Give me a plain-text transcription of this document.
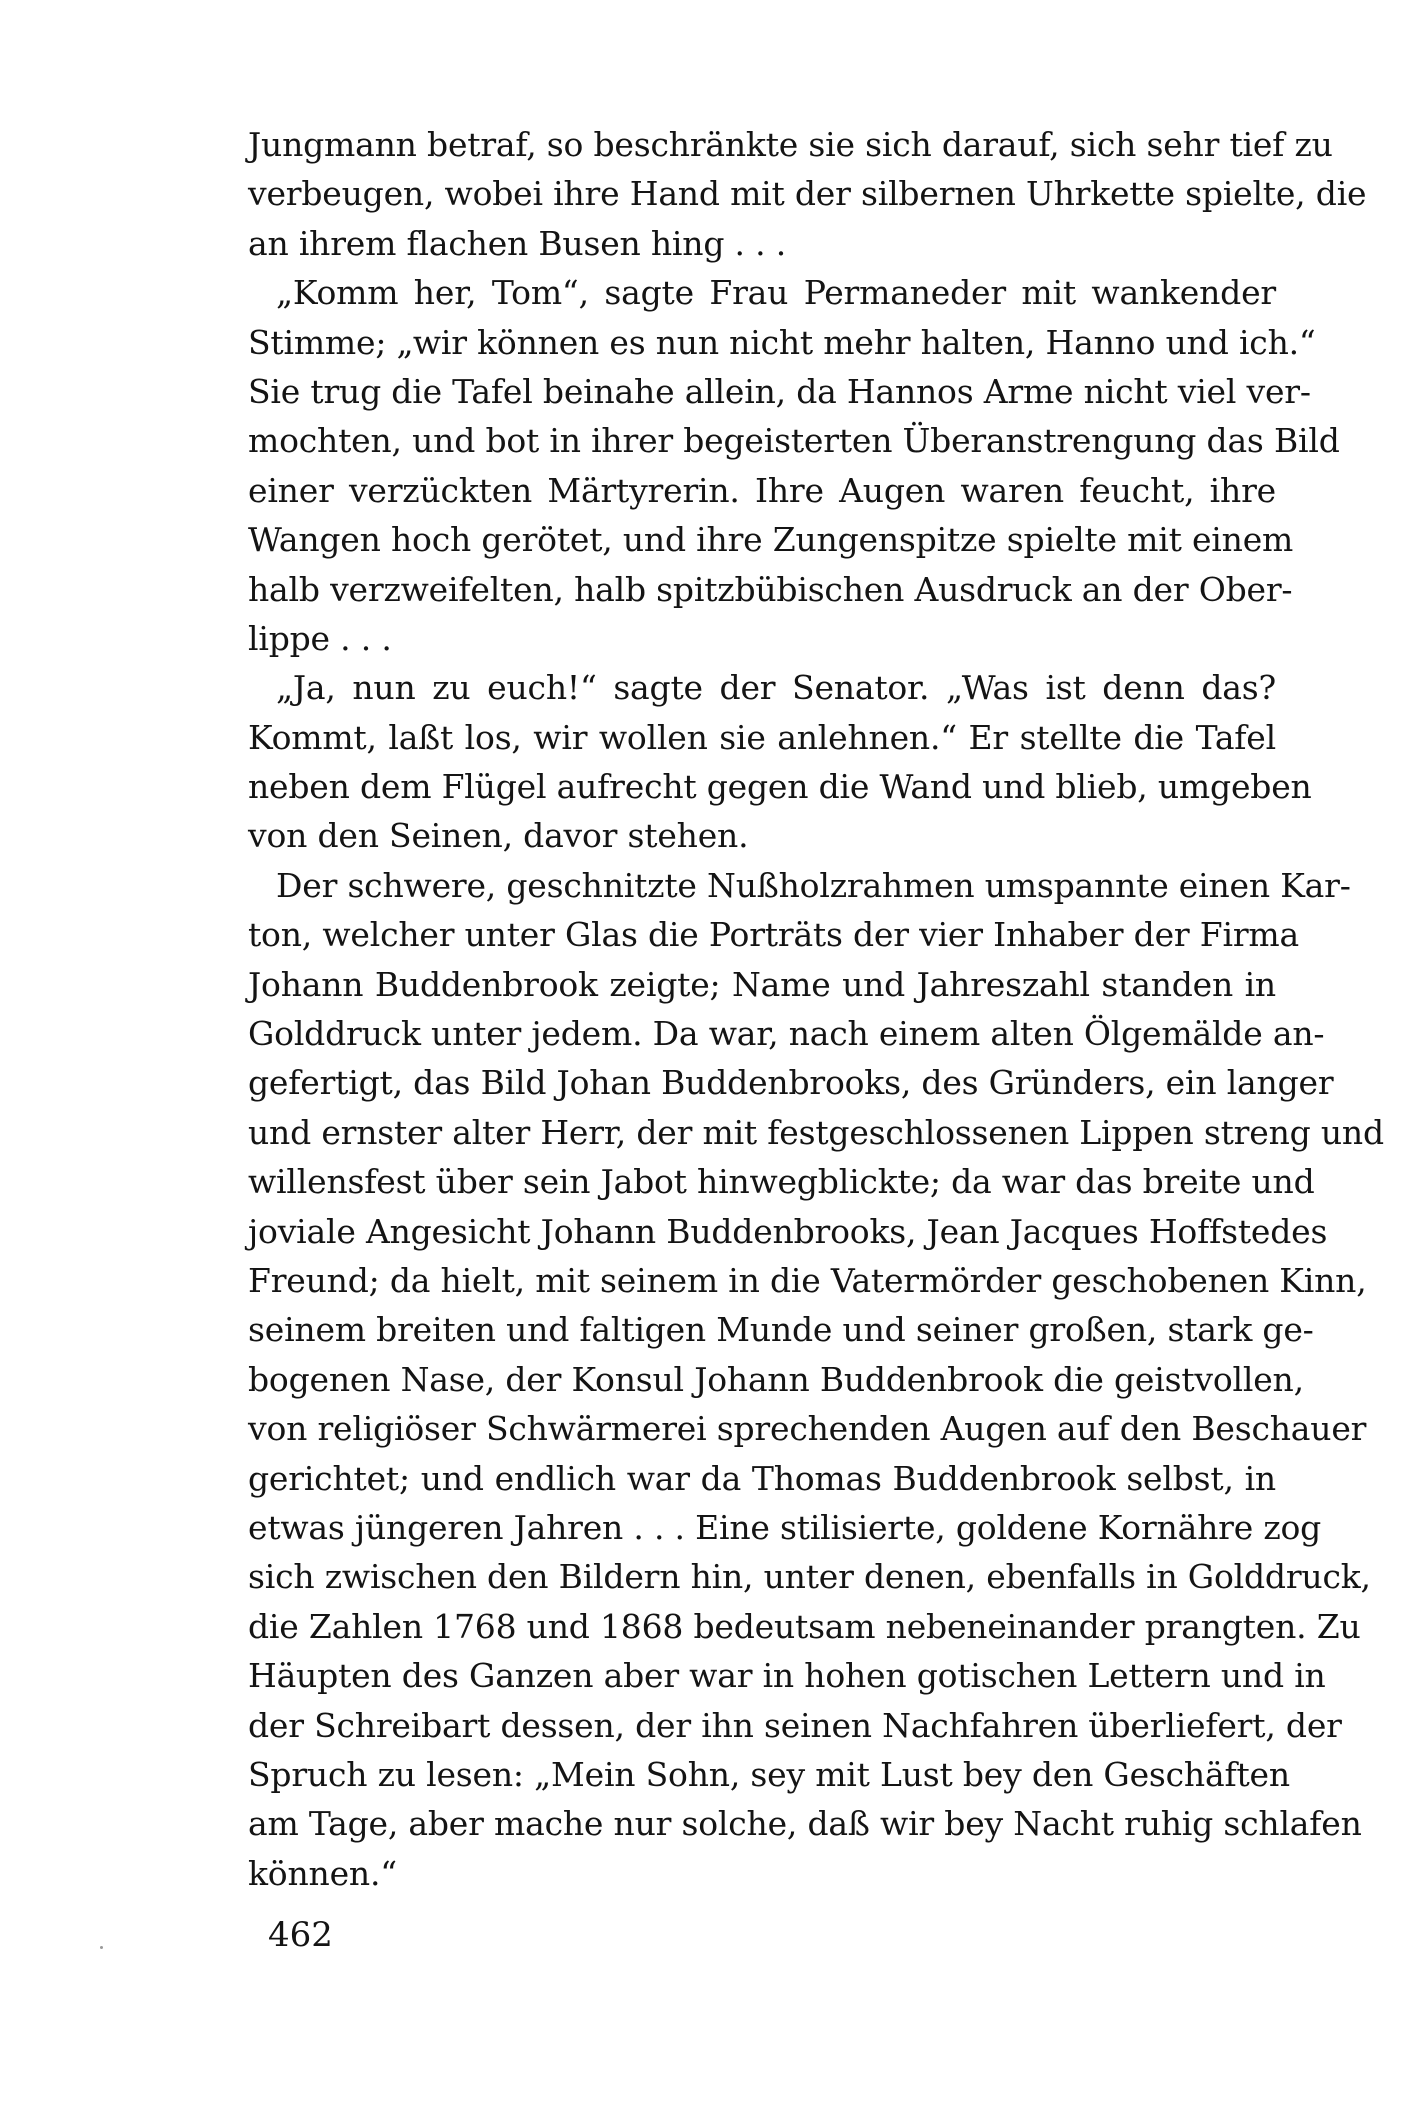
Jungmann betraf, so beschränkte sie sich darauf, sich sehr tief zu
verbeugen, wobei ihre Hand mit der silbernen Uhrkette spielte, die
an ihrem flachen Busen hing . . .
„Komm her, Tom“, sagte Frau Permaneder mit wankender
Stimme; „wir können es nun nicht mehr halten, Hanno und ich.“
Sie trug die Tafel beinahe allein, da Hannos Arme nicht viel ver-
mochten, und bot in ihrer begeisterten Überanstrengung das Bild
einer verzückten Märtyrerin. Ihre Augen waren feucht, ihre
Wangen hoch gerötet, und ihre Zungenspitze spielte mit einem
halb verzweifelten, halb spitzbübischen Ausdruck an der Ober-
lippe . . .
„Ja, nun zu euch!“ sagte der Senator. „Was ist denn das?
Kommt, laßt los, wir wollen sie anlehnen.“ Er stellte die Tafel
neben dem Flügel aufrecht gegen die Wand und blieb, umgeben
von den Seinen, davor stehen.
Der schwere, geschnitzte Nußholzrahmen umspannte einen Kar-
ton, welcher unter Glas die Porträts der vier Inhaber der Firma
Johann Buddenbrook zeigte; Name und Jahreszahl standen in
Golddruck unter jedem. Da war, nach einem alten Ölgemälde an-
gefertigt, das Bild Johan Buddenbrooks, des Gründers, ein langer
und ernster alter Herr, der mit festgeschlossenen Lippen streng und
willensfest über sein Jabot hinwegblickte; da war das breite und
joviale Angesicht Johann Buddenbrooks, Jean Jacques Hoffstedes
Freund; da hielt, mit seinem in die Vatermörder geschobenen Kinn,
seinem breiten und faltigen Munde und seiner großen, stark ge-
bogenen Nase, der Konsul Johann Buddenbrook die geistvollen,
von religiöser Schwärmerei sprechenden Augen auf den Beschauer
gerichtet; und endlich war da Thomas Buddenbrook selbst, in
etwas jüngeren Jahren . . . Eine stilisierte, goldene Kornähre zog
sich zwischen den Bildern hin, unter denen, ebenfalls in Golddruck,
die Zahlen 1768 und 1868 bedeutsam nebeneinander prangten. Zu
Häupten des Ganzen aber war in hohen gotischen Lettern und in
der Schreibart dessen, der ihn seinen Nachfahren überliefert, der
Spruch zu lesen: „Mein Sohn, sey mit Lust bey den Geschäften
am Tage, aber mache nur solche, daß wir bey Nacht ruhig schlafen
können.“
462
